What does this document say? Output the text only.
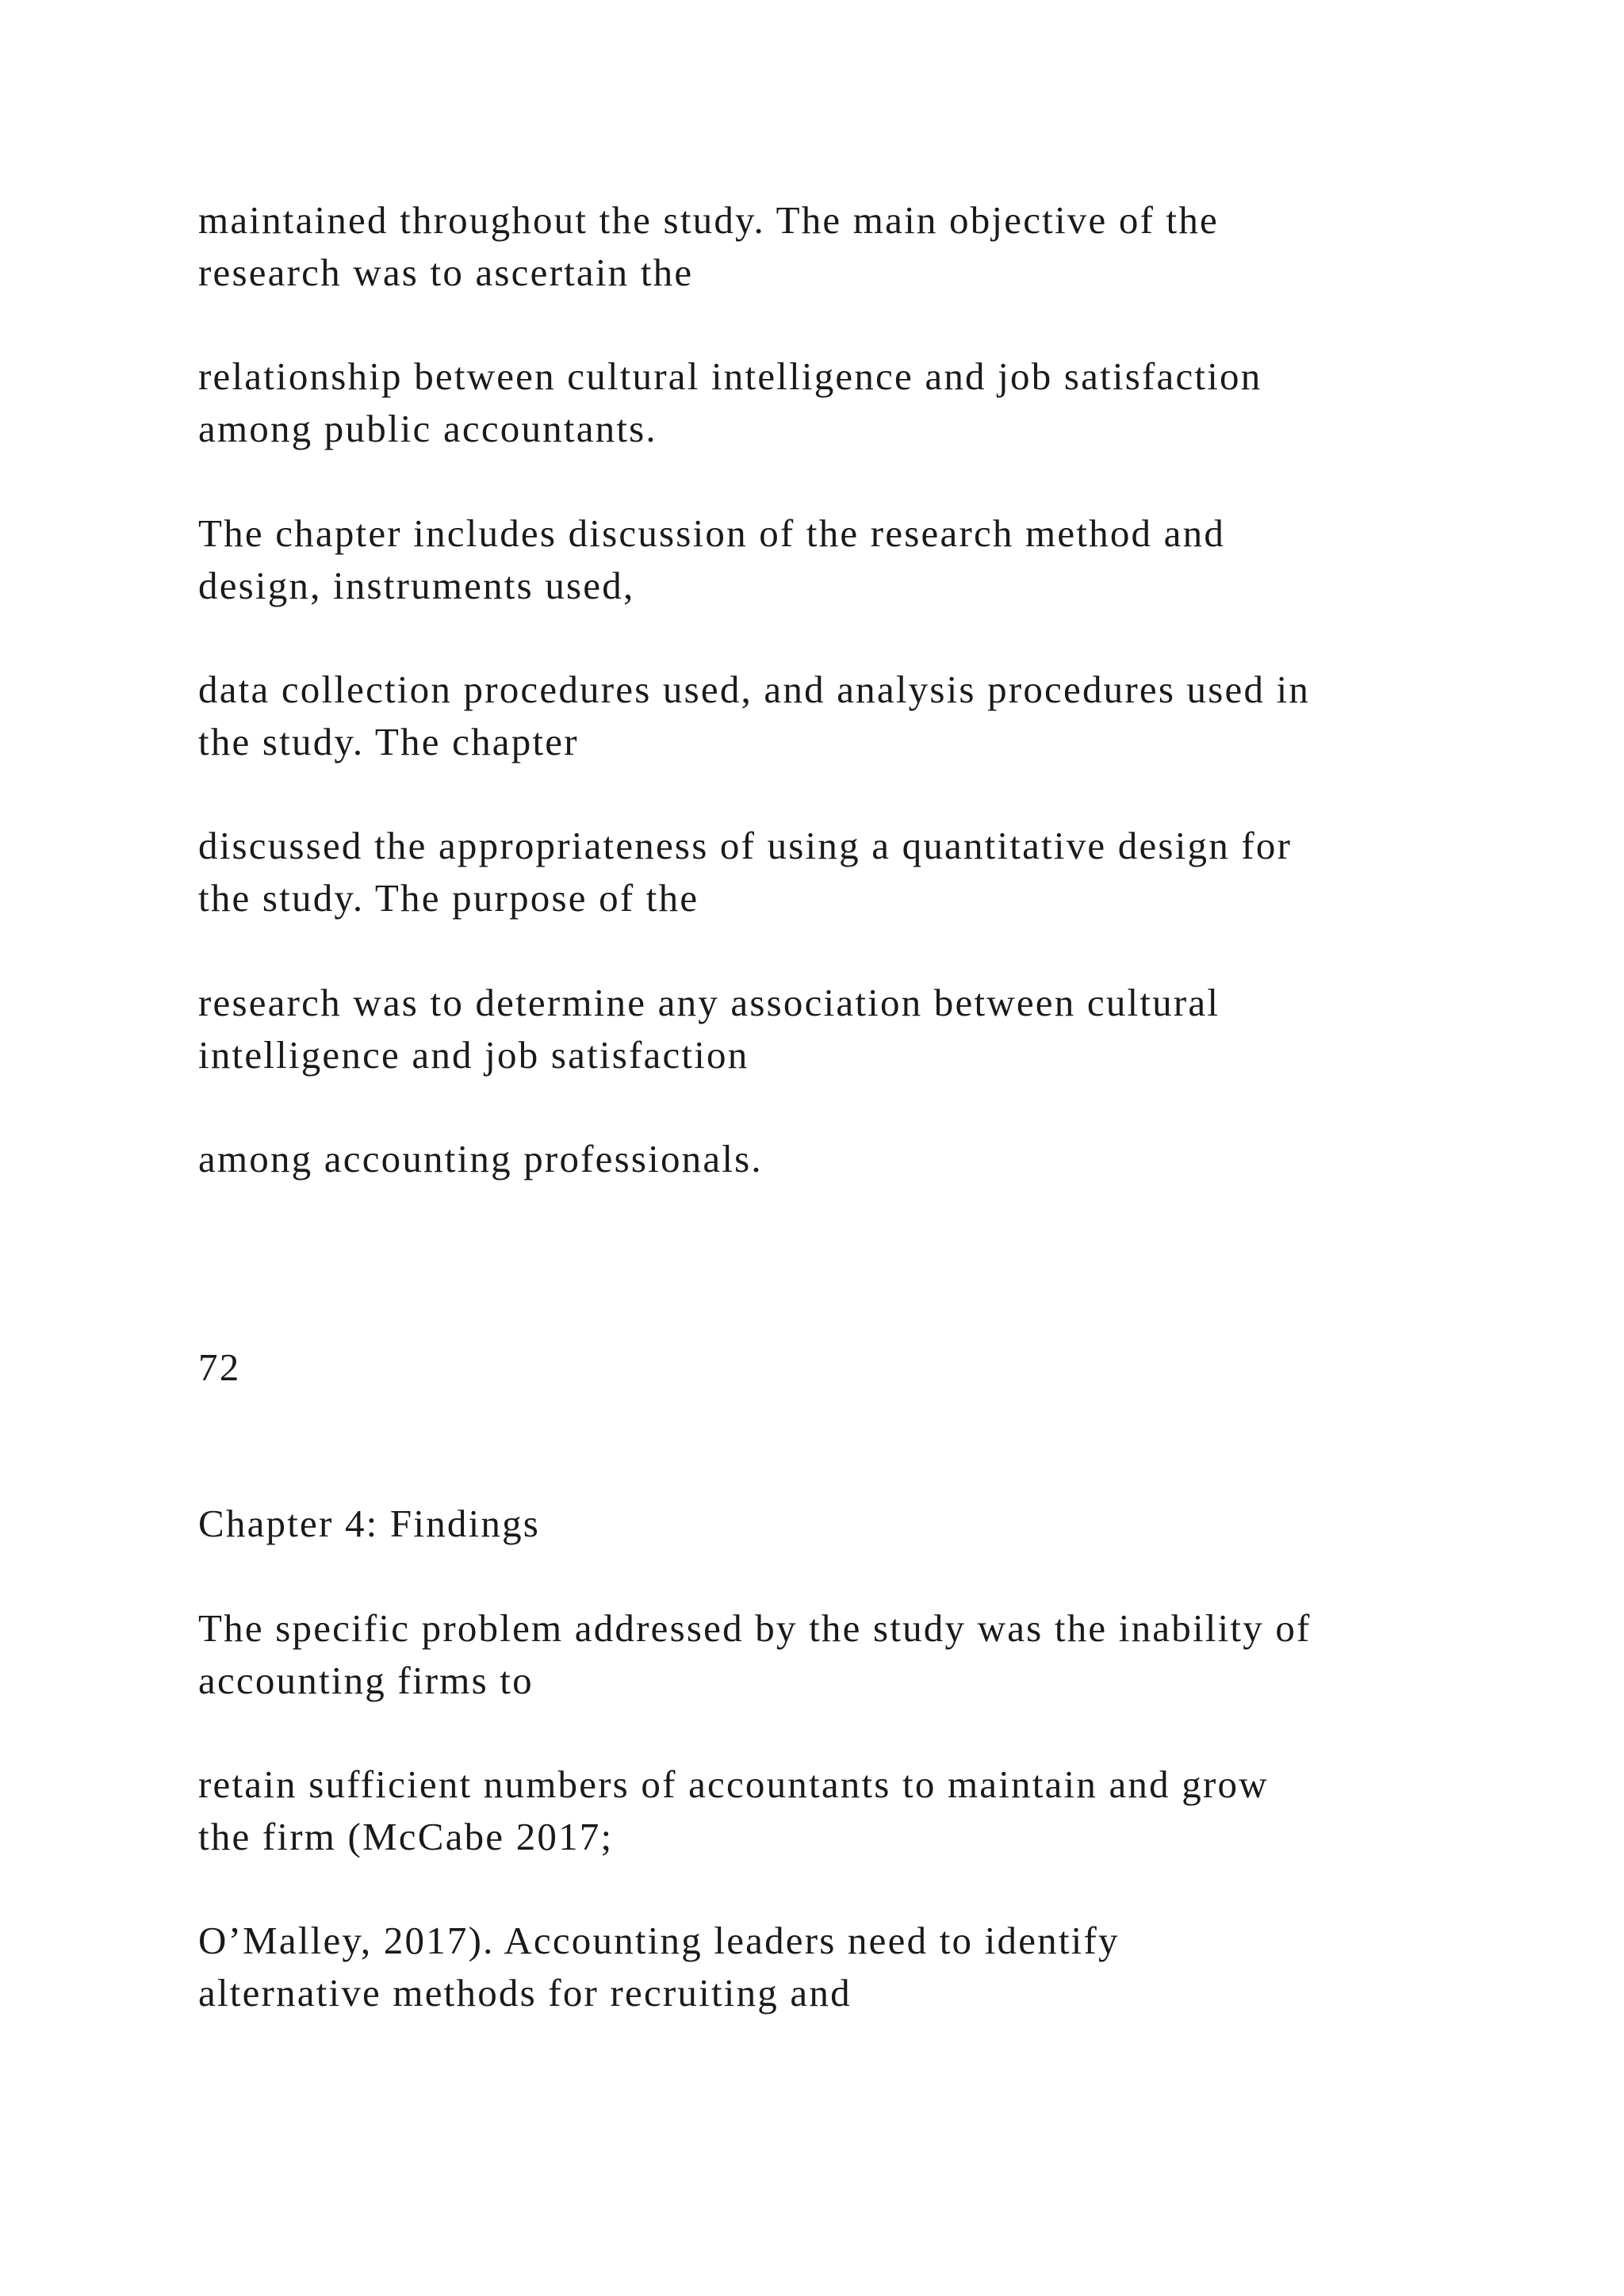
maintained throughout the study. The main objective of the
research was to ascertain the
relationship between cultural intelligence and job satisfaction
among public accountants.
The chapter includes discussion of the research method and
design, instruments used,
data collection procedures used, and analysis procedures used in
the study. The chapter
discussed the appropriateness of using a quantitative design for
the study. The purpose of the
research was to determine any association between cultural
intelligence and job satisfaction
among accounting professionals.
72
Chapter 4: Findings
The specific problem addressed by the study was the inability of
accounting firms to
retain sufficient numbers of accountants to maintain and grow
the firm (McCabe 2017;
O’Malley, 2017). Accounting leaders need to identify
alternative methods for recruiting and
